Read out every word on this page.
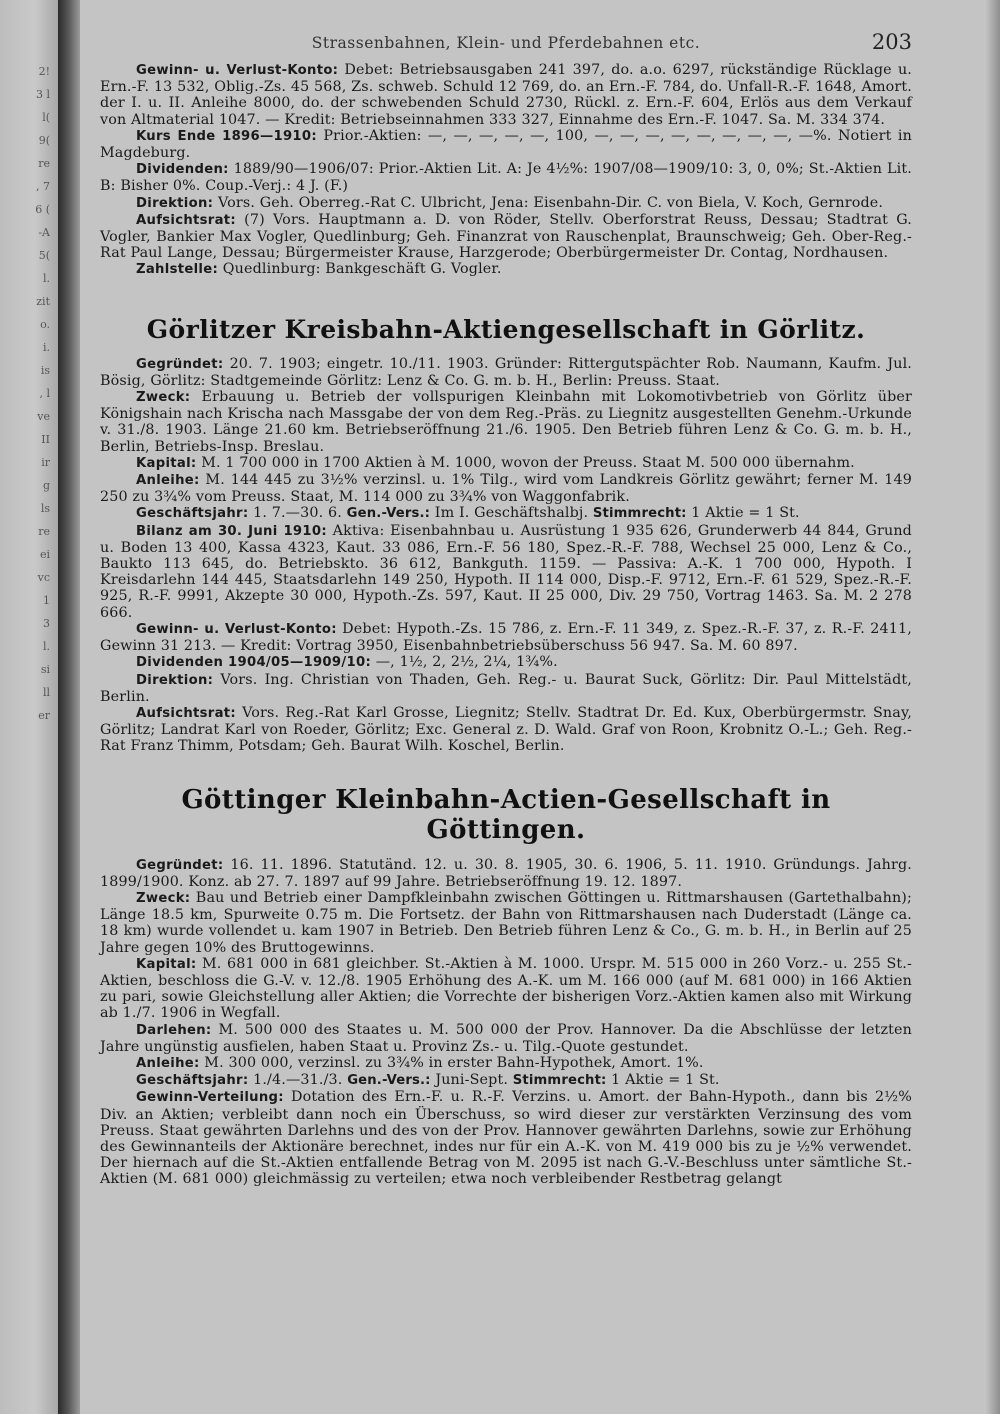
2!
3 l
l(
9(
re
, 7
6 (
-A
5(
l.
zit
o.
i.
is
, l
ve
II
ir
g
ls
re
ei
vc
1
3
l.
si
ll
er
Strassenbahnen, Klein- und Pferdebahnen etc.	203

Gewinn- u. Verlust-Konto: Debet: Betriebsausgaben 241 397, do. a.o. 6297, rückständige Rücklage u. Ern.-F. 13 532, Oblig.-Zs. 45 568, Zs. schweb. Schuld 12 769, do. an Ern.-F. 784, do. Unfall-R.-F. 1648, Amort. der I. u. II. Anleihe 8000, do. der schwebenden Schuld 2730, Rückl. z. Ern.-F. 604, Erlös aus dem Verkauf von Altmaterial 1047. — Kredit: Betriebseinnahmen 333 327, Einnahme des Ern.-F. 1047. Sa. M. 334 374.

Kurs Ende 1896—1910: Prior.-Aktien: —, —, —, —, —, 100, —, —, —, —, —, —, —, —, —%. Notiert in Magdeburg.

Dividenden: 1889/90—1906/07: Prior.-Aktien Lit. A: Je 4½%: 1907/08—1909/10: 3, 0, 0%; St.-Aktien Lit. B: Bisher 0%. Coup.-Verj.: 4 J. (F.)

Direktion: Vors. Geh. Oberreg.-Rat C. Ulbricht, Jena: Eisenbahn-Dir. C. von Biela, V. Koch, Gernrode.

Aufsichtsrat: (7) Vors. Hauptmann a. D. von Röder, Stellv. Oberforstrat Reuss, Dessau; Stadtrat G. Vogler, Bankier Max Vogler, Quedlinburg; Geh. Finanzrat von Rauschenplat, Braunschweig; Geh. Ober-Reg.-Rat Paul Lange, Dessau; Bürgermeister Krause, Harzgerode; Oberbürgermeister Dr. Contag, Nordhausen.

Zahlstelle: Quedlinburg: Bankgeschäft G. Vogler.

Görlitzer Kreisbahn-Aktiengesellschaft in Görlitz.

Gegründet: 20. 7. 1903; eingetr. 10./11. 1903. Gründer: Rittergutspächter Rob. Naumann, Kaufm. Jul. Bösig, Görlitz: Stadtgemeinde Görlitz: Lenz & Co. G. m. b. H., Berlin: Preuss. Staat.

Zweck: Erbauung u. Betrieb der vollspurigen Kleinbahn mit Lokomotivbetrieb von Görlitz über Königshain nach Krischa nach Massgabe der von dem Reg.-Präs. zu Liegnitz ausgestellten Genehm.-Urkunde v. 31./8. 1903. Länge 21.60 km. Betriebseröffnung 21./6. 1905. Den Betrieb führen Lenz & Co. G. m. b. H., Berlin, Betriebs-Insp. Breslau.

Kapital: M. 1 700 000 in 1700 Aktien à M. 1000, wovon der Preuss. Staat M. 500 000 übernahm.

Anleihe: M. 144 445 zu 3½% verzinsl. u. 1% Tilg., wird vom Landkreis Görlitz gewährt; ferner M. 149 250 zu 3¾% vom Preuss. Staat, M. 114 000 zu 3¾% von Waggonfabrik.

Geschäftsjahr: 1. 7.—30. 6. Gen.-Vers.: Im I. Geschäftshalbj. Stimmrecht: 1 Aktie = 1 St.

Bilanz am 30. Juni 1910: Aktiva: Eisenbahnbau u. Ausrüstung 1 935 626, Grunderwerb 44 844, Grund u. Boden 13 400, Kassa 4323, Kaut. 33 086, Ern.-F. 56 180, Spez.-R.-F. 788, Wechsel 25 000, Lenz & Co., Baukto 113 645, do. Betriebskto. 36 612, Bankguth. 1159. — Passiva: A.-K. 1 700 000, Hypoth. I Kreisdarlehn 144 445, Staatsdarlehn 149 250, Hypoth. II 114 000, Disp.-F. 9712, Ern.-F. 61 529, Spez.-R.-F. 925, R.-F. 9991, Akzepte 30 000, Hypoth.-Zs. 597, Kaut. II 25 000, Div. 29 750, Vortrag 1463. Sa. M. 2 278 666.

Gewinn- u. Verlust-Konto: Debet: Hypoth.-Zs. 15 786, z. Ern.-F. 11 349, z. Spez.-R.-F. 37, z. R.-F. 2411, Gewinn 31 213. — Kredit: Vortrag 3950, Eisenbahnbetriebsüberschuss 56 947. Sa. M. 60 897.

Dividenden 1904/05—1909/10: —, 1½, 2, 2½, 2¼, 1¾%.

Direktion: Vors. Ing. Christian von Thaden, Geh. Reg.- u. Baurat Suck, Görlitz: Dir. Paul Mittelstädt, Berlin.

Aufsichtsrat: Vors. Reg.-Rat Karl Grosse, Liegnitz; Stellv. Stadtrat Dr. Ed. Kux, Oberbürgermstr. Snay, Görlitz; Landrat Karl von Roeder, Görlitz; Exc. General z. D. Wald. Graf von Roon, Krobnitz O.-L.; Geh. Reg.-Rat Franz Thimm, Potsdam; Geh. Baurat Wilh. Koschel, Berlin.

Göttinger Kleinbahn-Actien-Gesellschaft in Göttingen.

Gegründet: 16. 11. 1896. Statutänd. 12. u. 30. 8. 1905, 30. 6. 1906, 5. 11. 1910. Gründungs. Jahrg. 1899/1900. Konz. ab 27. 7. 1897 auf 99 Jahre. Betriebseröffnung 19. 12. 1897.

Zweck: Bau und Betrieb einer Dampfkleinbahn zwischen Göttingen u. Rittmarshausen (Gartethalbahn); Länge 18.5 km, Spurweite 0.75 m. Die Fortsetz. der Bahn von Rittmarshausen nach Duderstadt (Länge ca. 18 km) wurde vollendet u. kam 1907 in Betrieb. Den Betrieb führen Lenz & Co., G. m. b. H., in Berlin auf 25 Jahre gegen 10% des Bruttogewinns.

Kapital: M. 681 000 in 681 gleichber. St.-Aktien à M. 1000. Urspr. M. 515 000 in 260 Vorz.- u. 255 St.-Aktien, beschloss die G.-V. v. 12./8. 1905 Erhöhung des A.-K. um M. 166 000 (auf M. 681 000) in 166 Aktien zu pari, sowie Gleichstellung aller Aktien; die Vorrechte der bisherigen Vorz.-Aktien kamen also mit Wirkung ab 1./7. 1906 in Wegfall.

Darlehen: M. 500 000 des Staates u. M. 500 000 der Prov. Hannover. Da die Abschlüsse der letzten Jahre ungünstig ausfielen, haben Staat u. Provinz Zs.- u. Tilg.-Quote gestundet.

Anleihe: M. 300 000, verzinsl. zu 3¾% in erster Bahn-Hypothek, Amort. 1%.

Geschäftsjahr: 1./4.—31./3. Gen.-Vers.: Juni-Sept. Stimmrecht: 1 Aktie = 1 St.

Gewinn-Verteilung: Dotation des Ern.-F. u. R.-F. Verzins. u. Amort. der Bahn-Hypoth., dann bis 2½% Div. an Aktien; verbleibt dann noch ein Überschuss, so wird dieser zur verstärkten Verzinsung des vom Preuss. Staat gewährten Darlehns und des von der Prov. Hannover gewährten Darlehns, sowie zur Erhöhung des Gewinnanteils der Aktionäre berechnet, indes nur für ein A.-K. von M. 419 000 bis zu je ½% verwendet. Der hiernach auf die St.-Aktien entfallende Betrag von M. 2095 ist nach G.-V.-Beschluss unter sämtliche St.-Aktien (M. 681 000) gleichmässig zu verteilen; etwa noch verbleibender Restbetrag gelangt
